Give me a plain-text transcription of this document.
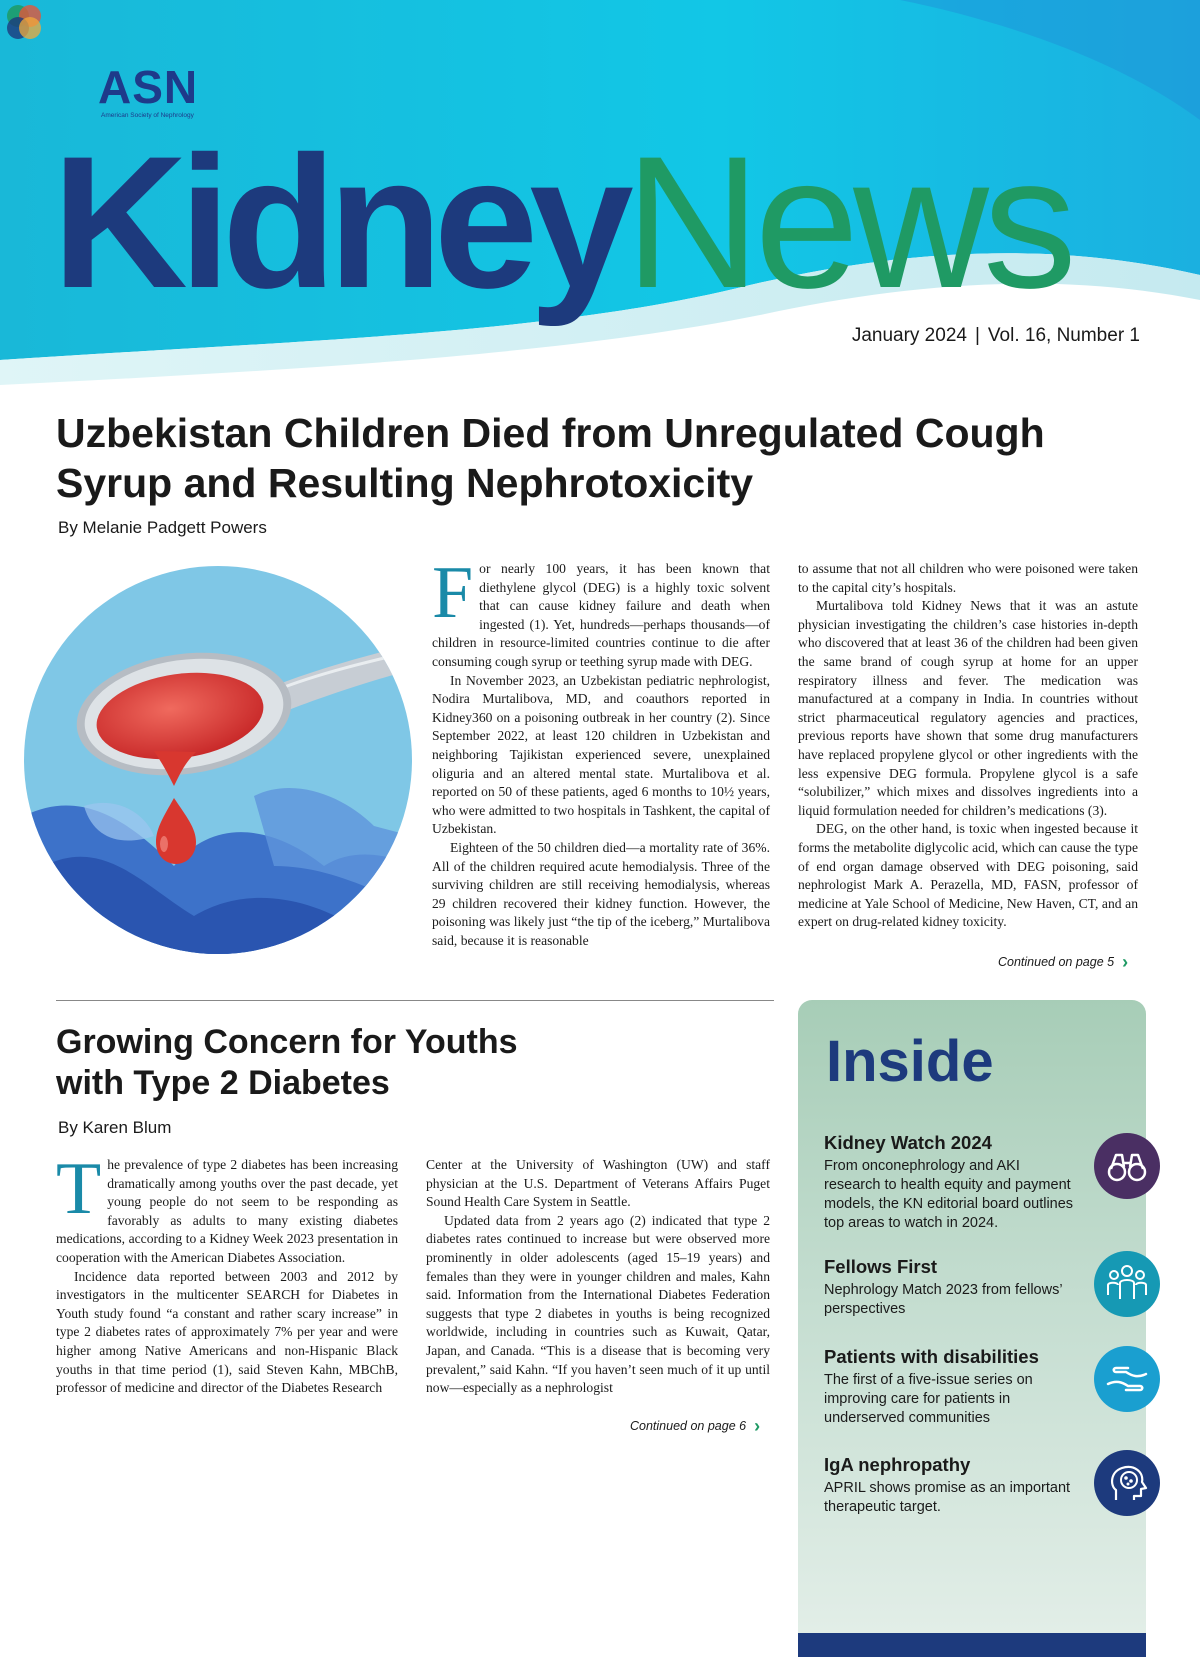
ASN
American Society of Nephrology
KidneyNews
January 2024 | Vol. 16, Number 1
Uzbekistan Children Died from Unregulated Cough Syrup and Resulting Nephrotoxicity
By Melanie Padgett Powers
F or nearly 100 years, it has been known that diethylene glycol (DEG) is a highly toxic solvent that can cause kidney failure and death when ingested (1). Yet, hundreds—perhaps thousands—of children in resource-limited countries continue to die after consuming cough syrup or teething syrup made with DEG.

In November 2023, an Uzbekistan pediatric nephrologist, Nodira Murtalibova, MD, and coauthors reported in Kidney360 on a poisoning outbreak in her country (2). Since September 2022, at least 120 children in Uzbekistan and neighboring Tajikistan experienced severe, unexplained oliguria and an altered mental state. Murtalibova et al. reported on 50 of these patients, aged 6 months to 10½ years, who were admitted to two hospitals in Tashkent, the capital of Uzbekistan.

Eighteen of the 50 children died—a mortality rate of 36%. All of the children required acute hemodialysis. Three of the surviving children are still receiving hemodialysis, whereas 29 children recovered their kidney function. However, the poisoning was likely just “the tip of the iceberg,” Murtalibova said, because it is reasonable

to assume that not all children who were poisoned were taken to the capital city’s hospitals.

Murtalibova told Kidney News that it was an astute physician investigating the children’s case histories in-depth who discovered that at least 36 of the children had been given the same brand of cough syrup at home for an upper respiratory illness and fever. The medication was manufactured at a company in India. In countries without strict pharmaceutical regulatory agencies and practices, previous reports have shown that some drug manufacturers have replaced propylene glycol or other ingredients with the less expensive DEG formula. Propylene glycol is a safe “solubilizer,” which mixes and dissolves ingredients into a liquid formulation needed for children’s medications (3).

DEG, on the other hand, is toxic when ingested because it forms the metabolite diglycolic acid, which can cause the type of end organ damage observed with DEG poisoning, said nephrologist Mark A. Perazella, MD, FASN, professor of medicine at Yale School of Medicine, New Haven, CT, and an expert on drug-related kidney toxicity.

Continued on page 5 ›
Growing Concern for Youths
with Type 2 Diabetes
By Karen Blum
T he prevalence of type 2 diabetes has been increasing dramatically among youths over the past decade, yet young people do not seem to be responding as favorably as adults to many existing diabetes medications, according to a Kidney Week 2023 presentation in cooperation with the American Diabetes Association.

Incidence data reported between 2003 and 2012 by investigators in the multicenter SEARCH for Diabetes in Youth study found “a constant and rather scary increase” in type 2 diabetes rates of approximately 7% per year and were higher among Native Americans and non-Hispanic Black youths in that time period (1), said Steven Kahn, MBChB, professor of medicine and director of the Diabetes Research

Center at the University of Washington (UW) and staff physician at the U.S. Department of Veterans Affairs Puget Sound Health Care System in Seattle.

Updated data from 2 years ago (2) indicated that type 2 diabetes rates continued to increase but were observed more prominently in older adolescents (aged 15–19 years) and females than they were in younger children and males, Kahn said. Information from the International Diabetes Federation suggests that type 2 diabetes in youths is being recognized worldwide, including in countries such as Kuwait, Qatar, Japan, and Canada. “This is a disease that is becoming very prevalent,” said Kahn. “If you haven’t seen much of it up until now—especially as a nephrologist

Continued on page 6 ›
Inside
Kidney Watch 2024

From onconephrology and AKI research to health equity and payment models, the KN editorial board outlines top areas to watch in 2024.

Fellows First

Nephrology Match 2023 from fellows’ perspectives

Patients with disabilities

The first of a five-issue series on improving care for patients in underserved communities

IgA nephropathy

APRIL shows promise as an important therapeutic target.
